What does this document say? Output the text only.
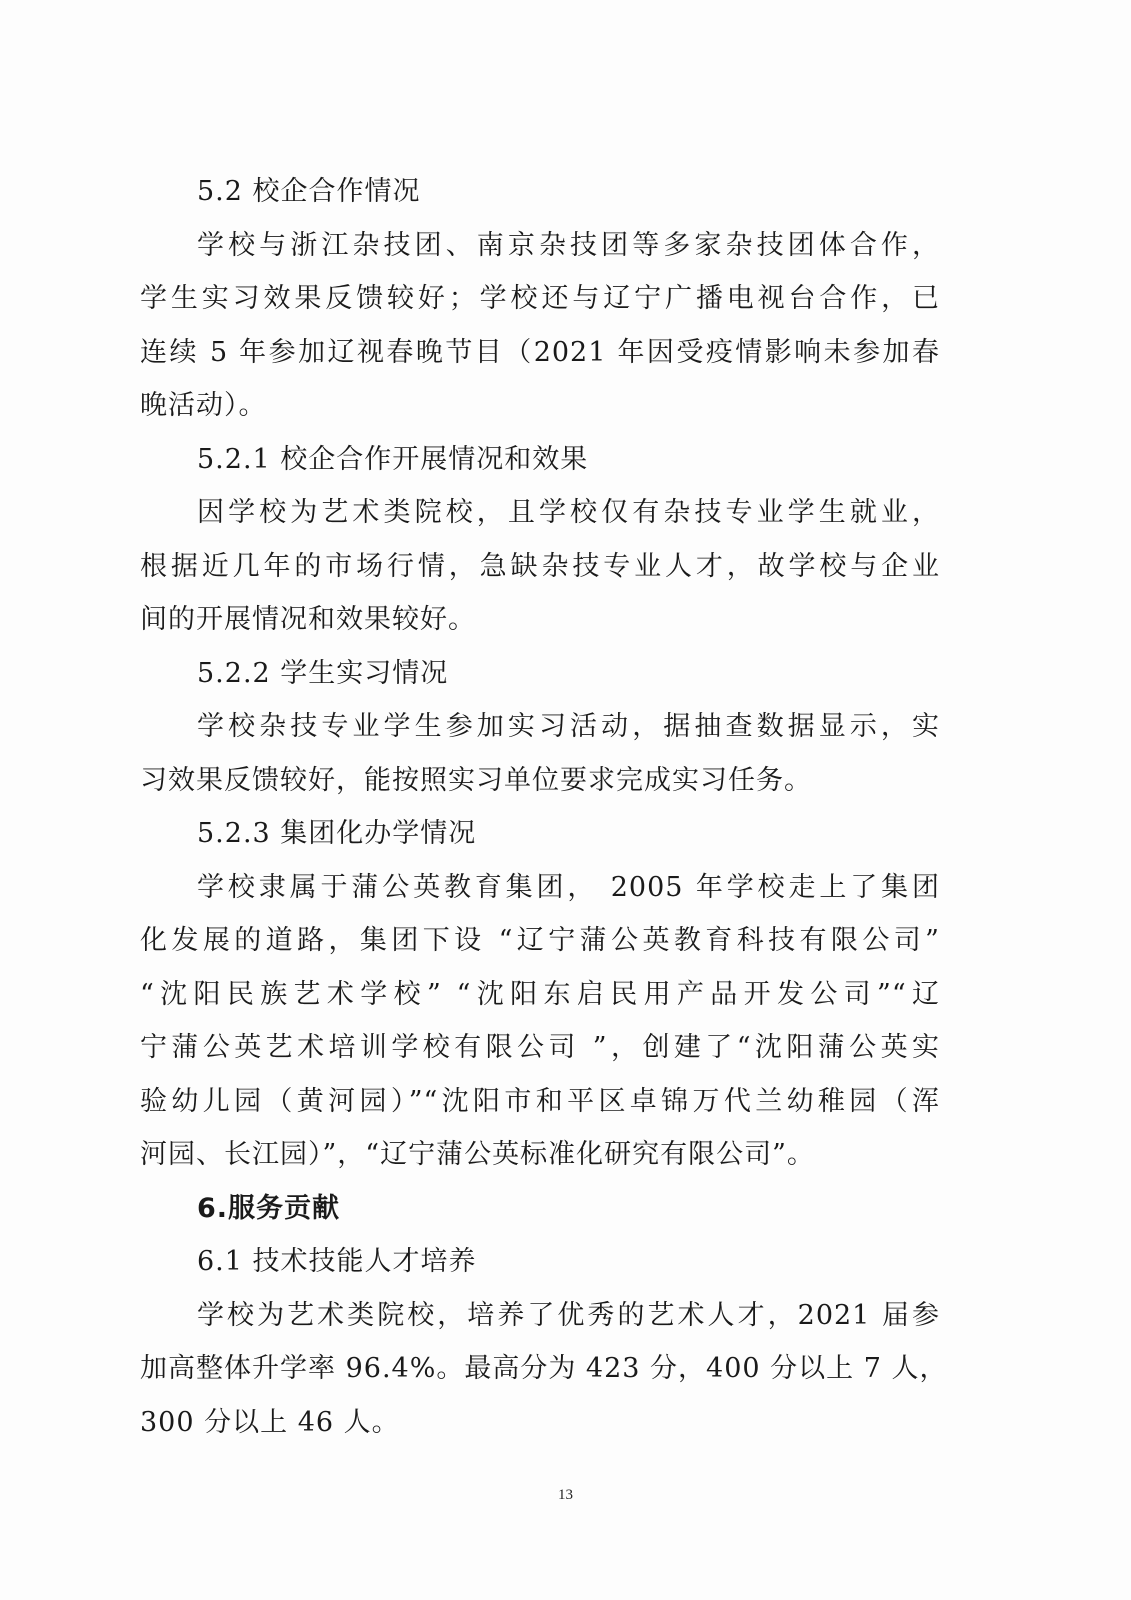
5.2 校企合作情况
学校与浙江杂技团、南京杂技团等多家杂技团体合作，
学生实习效果反馈较好；学校还与辽宁广播电视台合作，已
连续 5 年参加辽视春晚节目（2021 年因受疫情影响未参加春
晚活动）。
5.2.1 校企合作开展情况和效果
因学校为艺术类院校，且学校仅有杂技专业学生就业，
根据近几年的市场行情，急缺杂技专业人才，故学校与企业
间的开展情况和效果较好。
5.2.2 学生实习情况
学校杂技专业学生参加实习活动，据抽查数据显示，实
习效果反馈较好，能按照实习单位要求完成实习任务。
5.2.3 集团化办学情况
学校隶属于蒲公英教育集团， 2005 年学校走上了集团
化发展的道路，集团下设 “辽宁蒲公英教育科技有限公司”
“沈阳民族艺术学校” “沈阳东启民用产品开发公司”“辽
宁蒲公英艺术培训学校有限公司 ”，创建了“沈阳蒲公英实
验幼儿园（黄河园）”“沈阳市和平区卓锦万代兰幼稚园（浑
河园、长江园）”，“辽宁蒲公英标准化研究有限公司”。
6.服务贡献
6.1 技术技能人才培养
学校为艺术类院校，培养了优秀的艺术人才，2021 届参
加高整体升学率 96.4%。最高分为 423 分，400 分以上 7 人，
300 分以上 46 人。
13
